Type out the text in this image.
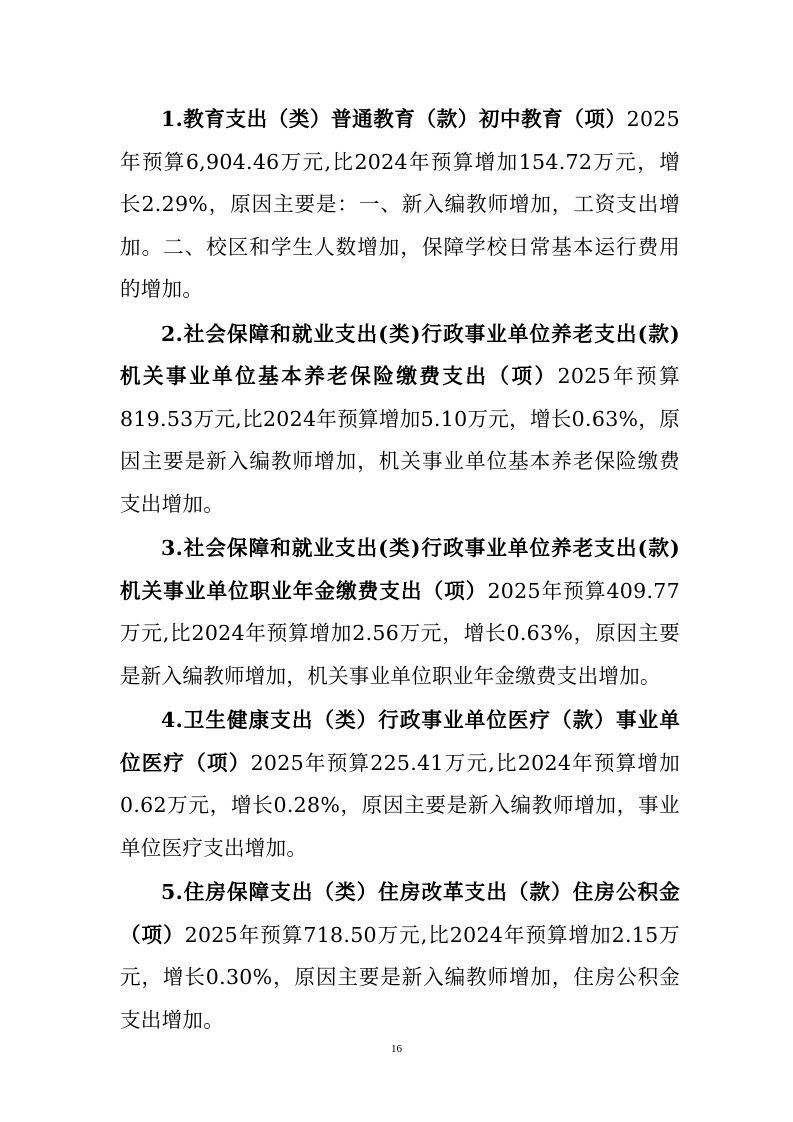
1.教育支出（类）普通教育（款）初中教育（项）2025年预算6,904.46万元,比2024年预算增加154.72万元，增长2.29%，原因主要是：一、新入编教师增加，工资支出增加。二、校区和学生人数增加，保障学校日常基本运行费用的增加。

2.社会保障和就业支出(类)行政事业单位养老支出(款)机关事业单位基本养老保险缴费支出（项）2025年预算819.53万元,比2024年预算增加5.10万元，增长0.63%，原因主要是新入编教师增加，机关事业单位基本养老保险缴费支出增加。

3.社会保障和就业支出(类)行政事业单位养老支出(款)机关事业单位职业年金缴费支出（项）2025年预算409.77万元,比2024年预算增加2.56万元，增长0.63%，原因主要是新入编教师增加，机关事业单位职业年金缴费支出增加。

4.卫生健康支出（类）行政事业单位医疗（款）事业单位医疗（项）2025年预算225.41万元,比2024年预算增加0.62万元，增长0.28%，原因主要是新入编教师增加，事业单位医疗支出增加。

5.住房保障支出（类）住房改革支出（款）住房公积金（项）2025年预算718.50万元,比2024年预算增加2.15万元，增长0.30%，原因主要是新入编教师增加，住房公积金支出增加。

16
